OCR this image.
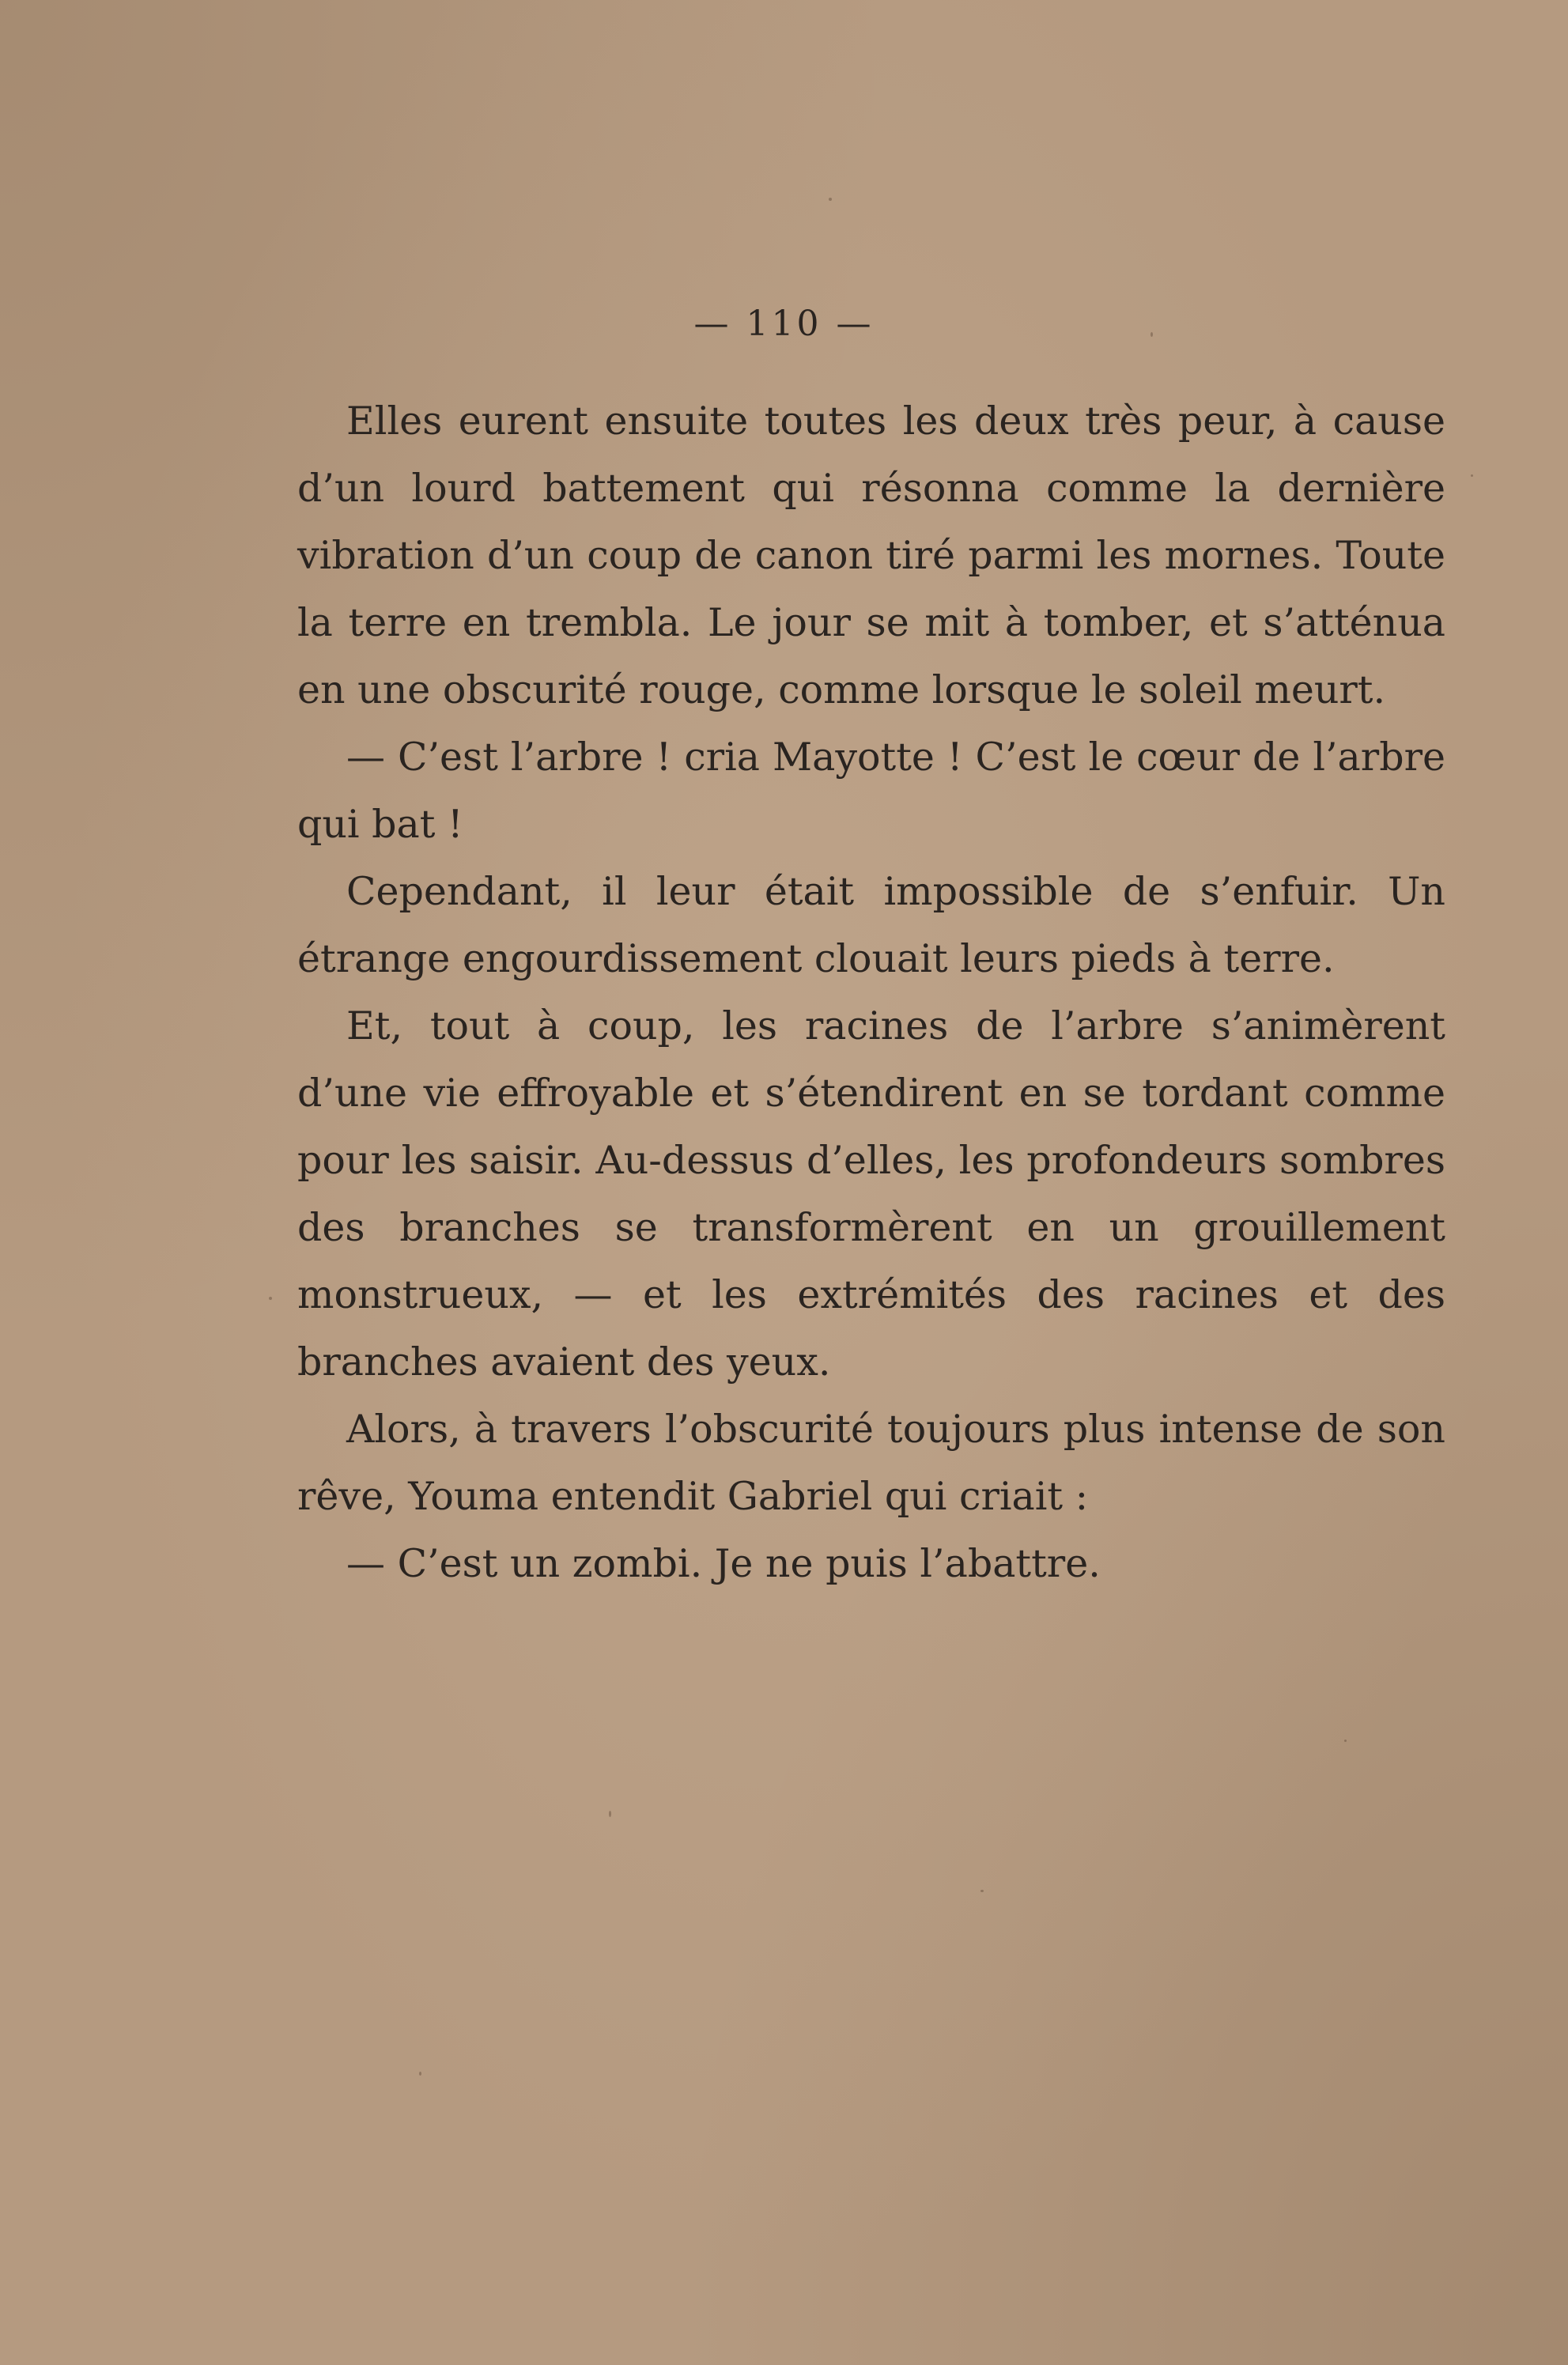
— 110 —

Elles eurent ensuite toutes les deux très peur, à cause d’un lourd battement qui résonna comme la dernière vibration d’un coup de canon tiré parmi les mornes. Toute la terre en trembla. Le jour se mit à tomber, et s’atténua en une obscurité rouge, comme lorsque le soleil meurt.

— C’est l’arbre ! cria Mayotte ! C’est le cœur de l’arbre qui bat !

Cependant, il leur était impossible de s’enfuir. Un étrange engourdissement clouait leurs pieds à terre.

Et, tout à coup, les racines de l’arbre s’animèrent d’une vie effroyable et s’étendirent en se tordant comme pour les saisir. Au-dessus d’elles, les profondeurs sombres des branches se transformèrent en un grouillement monstrueux, — et les extrémités des racines et des branches avaient des yeux.

Alors, à travers l’obscurité toujours plus intense de son rêve, Youma entendit Gabriel qui criait :

— C’est un zombi. Je ne puis l’abattre.
